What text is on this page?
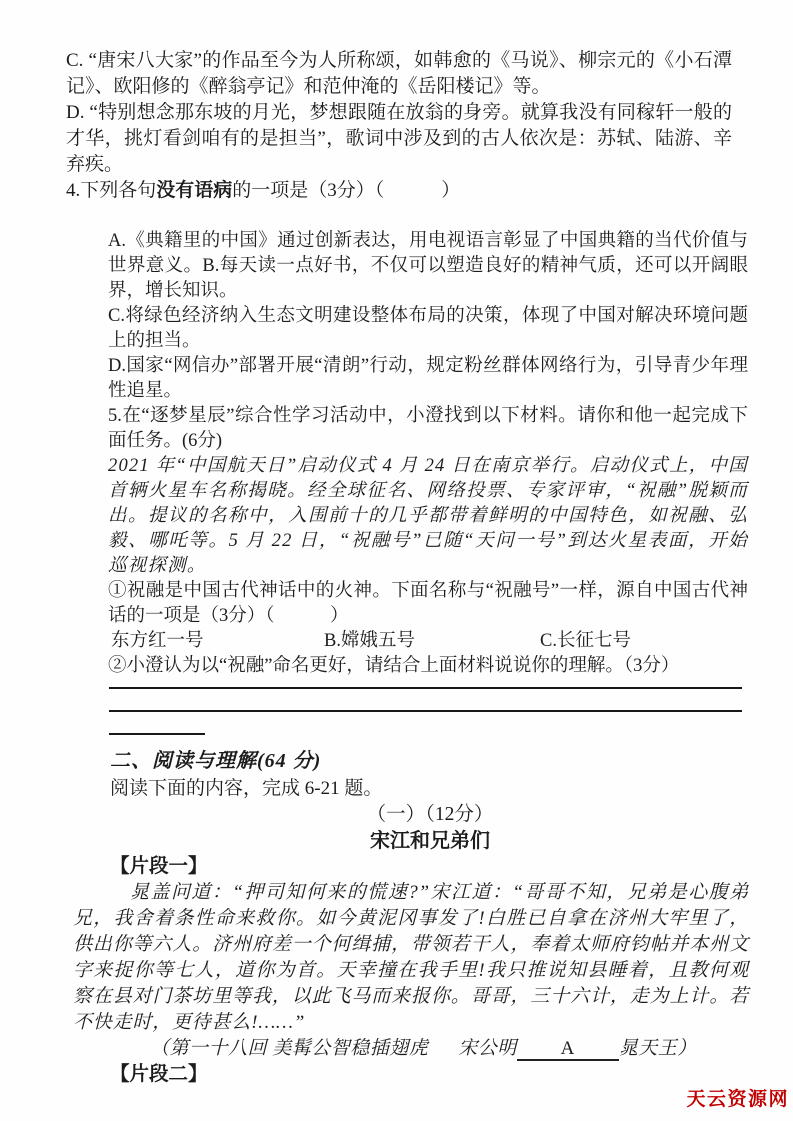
C. “唐宋八大家”的作品至今为人所称颂，如韩愈的《马说》、柳宗元的《小石潭记》、欧阳修的《醉翁亭记》和范仲淹的《岳阳楼记》等。

D. “特别想念那东坡的月光，梦想跟随在放翁的身旁。就算我没有同稼轩一般的才华，挑灯看剑咱有的是担当”，歌词中涉及到的古人依次是：苏轼、陆游、辛弃疾。

4.下列各句没有语病的一项是（3分）（　　　）

A.《典籍里的中国》通过创新表达，用电视语言彰显了中国典籍的当代价值与世界意义。B.每天读一点好书，不仅可以塑造良好的精神气质，还可以开阔眼界，增长知识。

C.将绿色经济纳入生态文明建设整体布局的决策，体现了中国对解决环境问题上的担当。

D.国家“网信办”部署开展“清朗”行动，规定粉丝群体网络行为，引导青少年理性追星。

5.在“逐梦星辰”综合性学习活动中，小澄找到以下材料。请你和他一起完成下面任务。(6分)

2021 年“中国航天日”启动仪式 4 月 24 日在南京举行。启动仪式上，中国首辆火星车名称揭晓。经全球征名、网络投票、专家评审，“祝融”脱颖而出。提议的名称中，入围前十的几乎都带着鲜明的中国特色，如祝融、弘毅、哪吒等。5 月 22 日，“祝融号”已随“天问一号”到达火星表面，开始巡视探测。

①祝融是中国古代神话中的火神。下面名称与“祝融号”一样，源自中国古代神话的一项是（3分）（　　　）

东方红一号	B.嫦娥五号	C.长征七号

②小澄认为以“祝融”命名更好，请结合上面材料说说你的理解。（3分）

二、阅读与理解(64 分)

阅读下面的内容，完成 6-21 题。

（一）（12分）

宋江和兄弟们

【片段一】

晁盖问道：“押司知何来的慌速?”宋江道：“哥哥不知，兄弟是心腹弟兄，我舍着条性命来救你。如今黄泥冈事发了!白胜已自拿在济州大牢里了，供出你等六人。济州府差一个何缉捕，带领若干人，奉着太师府钧帖并本州文字来捉你等七人，道你为首。天幸撞在我手里!我只推说知县睡着，且教何观察在县对门茶坊里等我，以此飞马而来报你。哥哥，三十六计，走为上计。若不快走时，更待甚么!……”

（第一十八回 美髯公智稳插翅虎 宋公明 A 晁天王）

【片段二】

天云资源网
